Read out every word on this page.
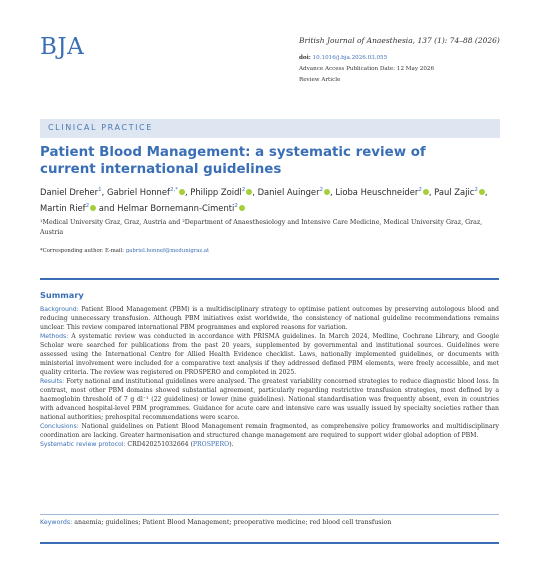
BJA	British Journal of Anaesthesia, 137 (1): 74–88 (2026)
doi: 10.1016/j.bja.2026.03.055
Advance Access Publication Date: 12 May 2026
Review Article
CLINICAL PRACTICE
Patient Blood Management: a systematic review of current international guidelines
Daniel Dreher$^1$, Gabriel Honnef$^{2,*}$ , Philipp Zoidl$^2$ , Daniel Auinger$^2$ , Lioba Heuschneider$^2$ , Paul Zajic$^2$ , Martin Rief$^2$ and Helmar Bornemann-Cimenti$^2$
¹Medical University Graz, Graz, Austria and ²Department of Anaesthesiology and Intensive Care Medicine, Medical University Graz, Graz, Austria
*Corresponding author. E-mail: gabriel.honnef@medunigraz.at
Summary

Background: Patient Blood Management (PBM) is a multidisciplinary strategy to optimise patient outcomes by preserving autologous blood and reducing unnecessary transfusion. Although PBM initiatives exist worldwide, the consistency of national guideline recommendations remains unclear. This review compared international PBM programmes and explored reasons for variation.

Methods: A systematic review was conducted in accordance with PRISMA guidelines. In March 2024, Medline, Cochrane Library, and Google Scholar were searched for publications from the past 20 years, supplemented by governmental and institutional sources. Guidelines were assessed using the International Centre for Allied Health Evidence checklist. Laws, nationally implemented guidelines, or documents with ministerial involvement were included for a comparative text analysis if they addressed defined PBM elements, were freely accessible, and met quality criteria. The review was registered on PROSPERO and completed in 2025.

Results: Forty national and institutional guidelines were analysed. The greatest variability concerned strategies to reduce diagnostic blood loss. In contrast, most other PBM domains showed substantial agreement, particularly regarding restrictive transfusion strategies, most defined by a haemoglobin threshold of 7 g dl⁻¹ (22 guidelines) or lower (nine guidelines). National standardisation was frequently absent, even in countries with advanced hospital-level PBM programmes. Guidance for acute care and intensive care was usually issued by specialty societies rather than national authorities; prehospital recommendations were scarce.

Conclusions: National guidelines on Patient Blood Management remain fragmented, as comprehensive policy frameworks and multidisciplinary coordination are lacking. Greater harmonisation and structured change management are required to support wider global adoption of PBM.

Systematic review protocol: CRD420251032664 (PROSPERO).

Keywords: anaemia; guidelines; Patient Blood Management; preoperative medicine; red blood cell transfusion
